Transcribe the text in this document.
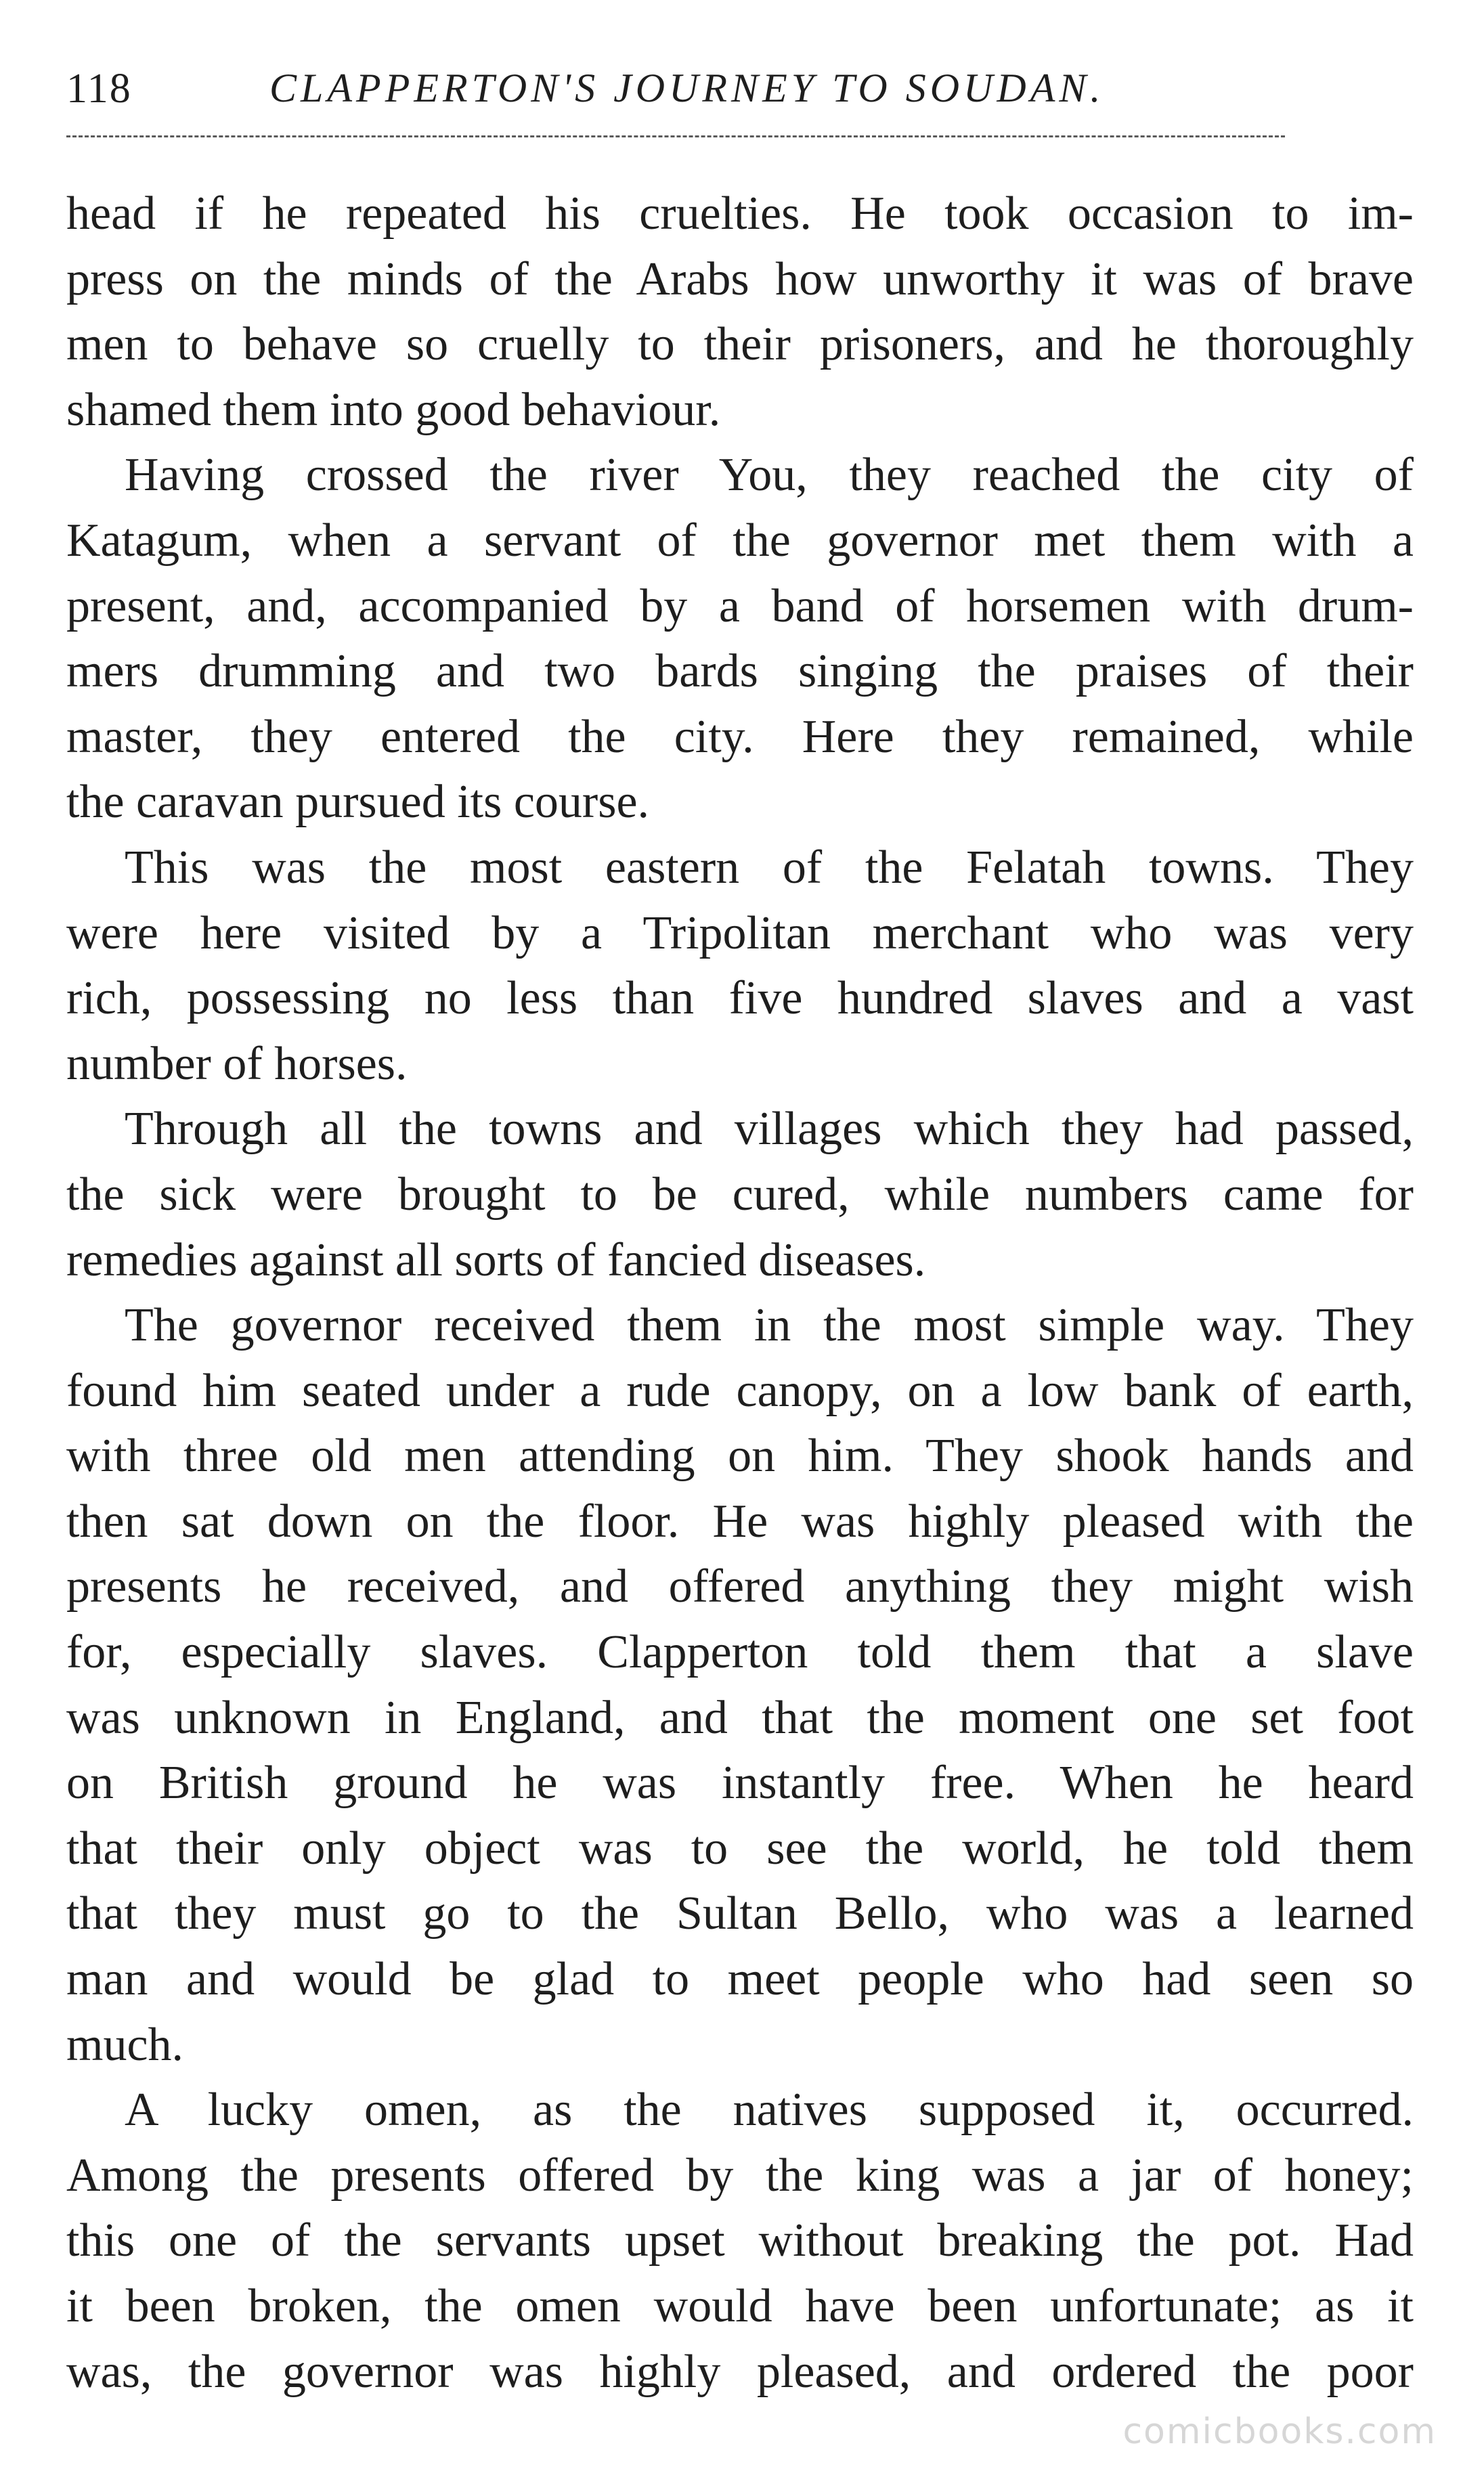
118	CLAPPERTON'S JOURNEY TO SOUDAN.

head if he repeated his cruelties. He took occasion to im-
press on the minds of the Arabs how unworthy it was of brave
men to behave so cruelly to their prisoners, and he thoroughly
shamed them into good behaviour.

Having crossed the river You, they reached the city of
Katagum, when a servant of the governor met them with a
present, and, accompanied by a band of horsemen with drum-
mers drumming and two bards singing the praises of their
master, they entered the city. Here they remained, while
the caravan pursued its course.

This was the most eastern of the Felatah towns. They
were here visited by a Tripolitan merchant who was very
rich, possessing no less than five hundred slaves and a vast
number of horses.

Through all the towns and villages which they had passed,
the sick were brought to be cured, while numbers came for
remedies against all sorts of fancied diseases.

The governor received them in the most simple way. They
found him seated under a rude canopy, on a low bank of earth,
with three old men attending on him. They shook hands and
then sat down on the floor. He was highly pleased with the
presents he received, and offered anything they might wish
for, especially slaves. Clapperton told them that a slave
was unknown in England, and that the moment one set foot
on British ground he was instantly free. When he heard
that their only object was to see the world, he told them
that they must go to the Sultan Bello, who was a learned
man and would be glad to meet people who had seen so
much.

A lucky omen, as the natives supposed it, occurred.
Among the presents offered by the king was a jar of honey;
this one of the servants upset without breaking the pot. Had
it been broken, the omen would have been unfortunate; as it
was, the governor was highly pleased, and ordered the poor

comicbooks.com
